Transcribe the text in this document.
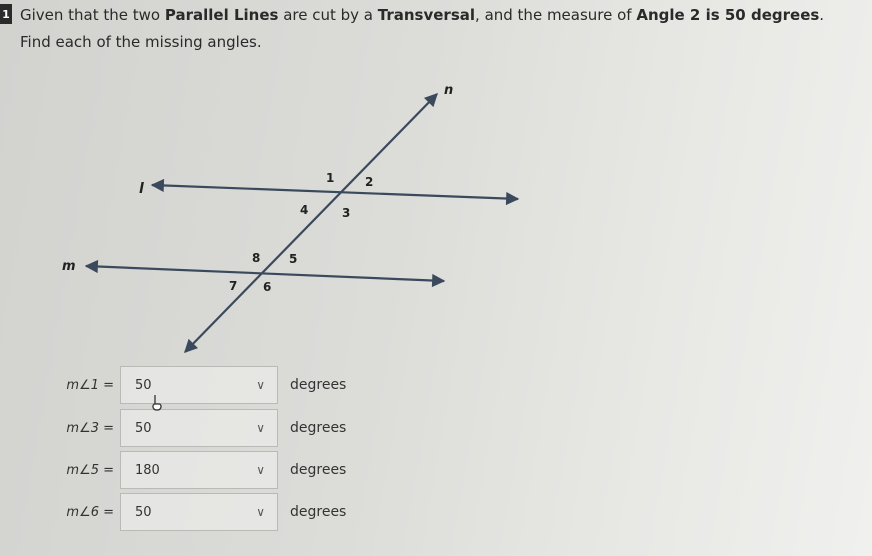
1 Given that the two Parallel Lines are cut by a Transversal, and the measure of Angle 2 is 50 degrees.
Find each of the missing angles.
n
l
m
1	2
3
4
5
6
7
8
m∠1 =	50	∨ degrees
m∠3 =	50	∨ degrees
m∠5 =	180	∨ degrees
m∠6 =	50	∨ degrees
